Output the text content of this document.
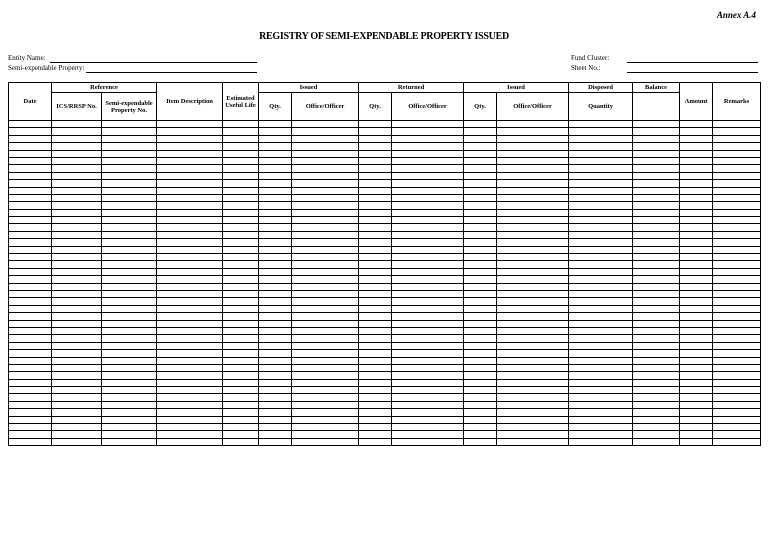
Annex A.4
REGISTRY OF SEMI-EXPENDABLE PROPERTY ISSUED
Entity Name:
Semi-expendable Property:
Fund Cluster:
Sheet No.:
Date	Reference		Item Description	Estimated Useful Life	Issued		Returned		Issued		Disposed	Balance	Amount	Remarks
	ICS/RRSP No.	Semi-expendable Property No.			Qty.	Office/Officer	Qty.	Office/Officer	Qty.	Office/Officer	Quantity			
